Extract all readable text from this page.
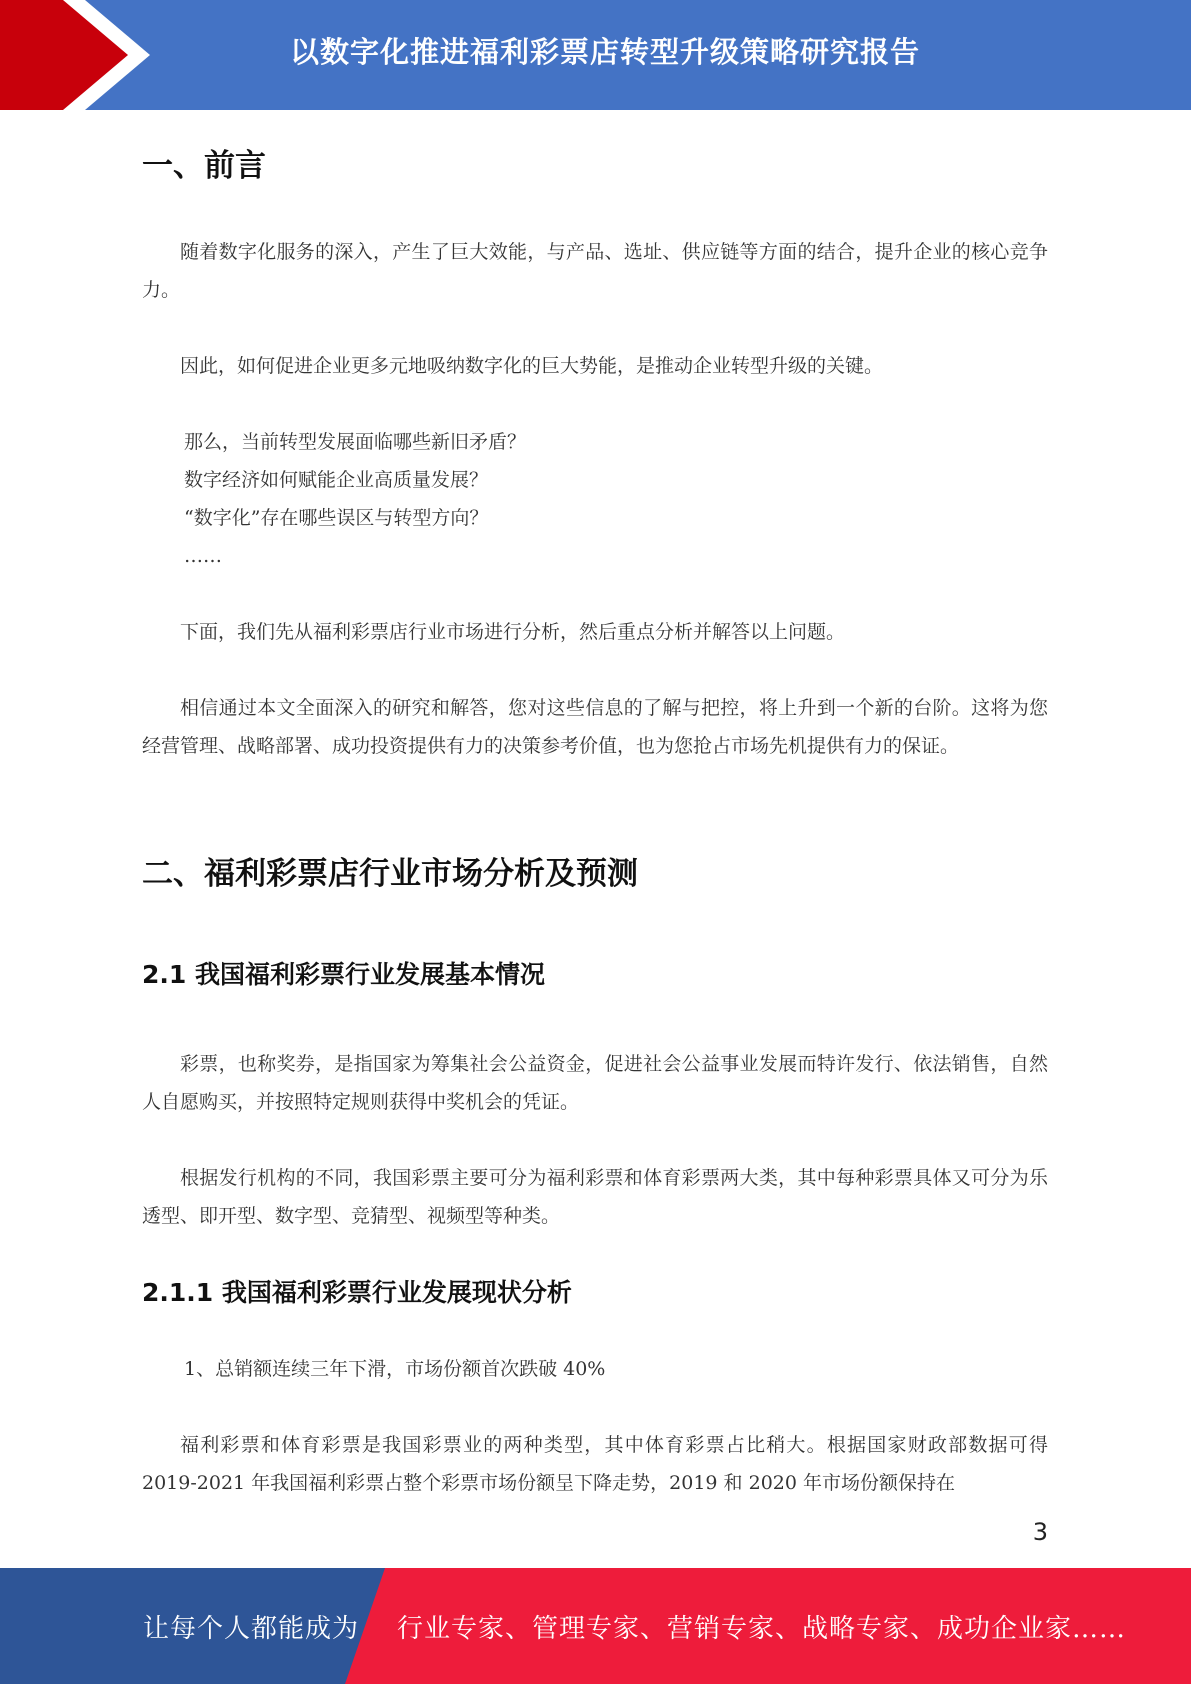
以数字化推进福利彩票店转型升级策略研究报告
一、前言

随着数字化服务的深入，产生了巨大效能，与产品、选址、供应链等方面的结合，提升企业的核心竞争力。

因此，如何促进企业更多元地吸纳数字化的巨大势能，是推动企业转型升级的关键。

那么，当前转型发展面临哪些新旧矛盾？

数字经济如何赋能企业高质量发展？

“数字化”存在哪些误区与转型方向？

……

下面，我们先从福利彩票店行业市场进行分析，然后重点分析并解答以上问题。

相信通过本文全面深入的研究和解答，您对这些信息的了解与把控，将上升到一个新的台阶。这将为您经营管理、战略部署、成功投资提供有力的决策参考价值，也为您抢占市场先机提供有力的保证。

二、福利彩票店行业市场分析及预测
2.1 我国福利彩票行业发展基本情况

彩票，也称奖券，是指国家为筹集社会公益资金，促进社会公益事业发展而特许发行、依法销售，自然人自愿购买，并按照特定规则获得中奖机会的凭证。

根据发行机构的不同，我国彩票主要可分为福利彩票和体育彩票两大类，其中每种彩票具体又可分为乐透型、即开型、数字型、竞猜型、视频型等种类。

2.1.1 我国福利彩票行业发展现状分析

1、总销额连续三年下滑，市场份额首次跌破 40%

福利彩票和体育彩票是我国彩票业的两种类型，其中体育彩票占比稍大。根据国家财政部数据可得 2019-2021 年我国福利彩票占整个彩票市场份额呈下降走势，2019 和 2020 年市场份额保持在

3
让每个人都能成为 行业专家、管理专家、营销专家、战略专家、成功企业家……
